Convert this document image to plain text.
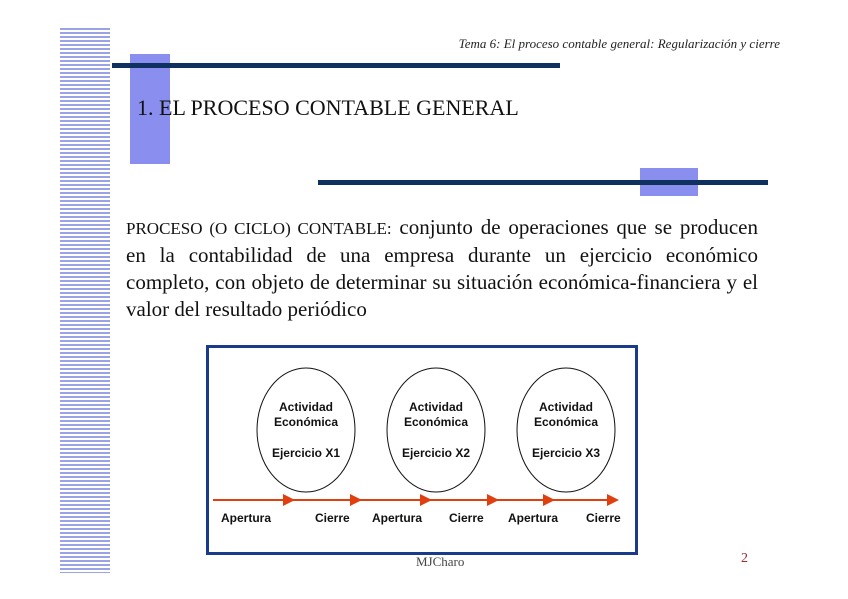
Tema 6: El proceso contable general: Regularización y cierre
1. EL PROCESO CONTABLE GENERAL
PROCESO (O CICLO) CONTABLE: conjunto de operaciones que se producen en la contabilidad de una empresa durante un ejercicio económico completo, con objeto de determinar su situación económica-financiera y el valor del resultado periódico
Actividad
Económica
Ejercicio X1
Actividad
Económica
Ejercicio X2
Actividad
Económica
Ejercicio X3
Apertura	Cierre Apertura Cierre Apertura Cierre
MJCharo	2
